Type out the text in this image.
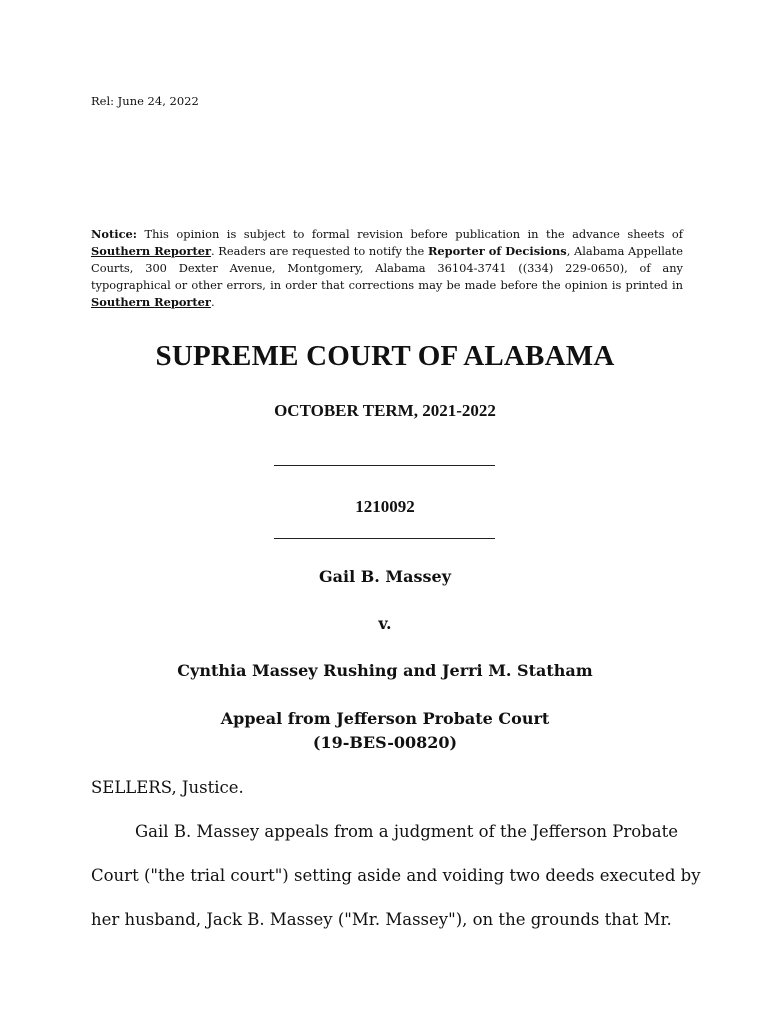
Rel: June 24, 2022
Notice: This opinion is subject to formal revision before publication in the advance sheets of Southern Reporter. Readers are requested to notify the Reporter of Decisions, Alabama Appellate Courts, 300 Dexter Avenue, Montgomery, Alabama 36104-3741 ((334) 229-0650), of any typographical or other errors, in order that corrections may be made before the opinion is printed in Southern Reporter.
SUPREME COURT OF ALABAMA
OCTOBER TERM, 2021-2022
1210092
Gail B. Massey
v.
Cynthia Massey Rushing and Jerri M. Statham
Appeal from Jefferson Probate Court
(19-BES-00820)
SELLERS, Justice.
Gail B. Massey appeals from a judgment of the Jefferson Probate
Court ("the trial court") setting aside and voiding two deeds executed by
her husband, Jack B. Massey ("Mr. Massey"), on the grounds that Mr.
